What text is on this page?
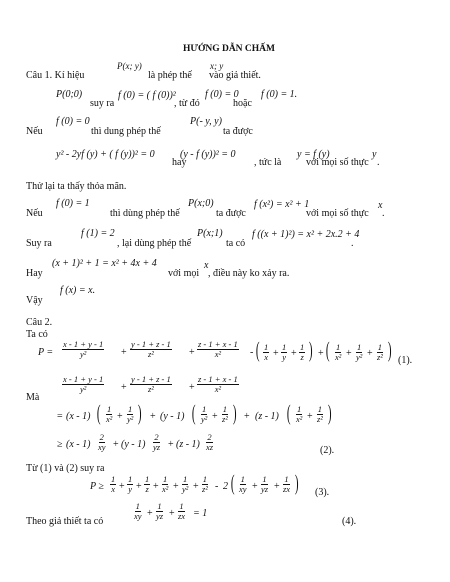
HƯỚNG DẪN CHẤM
Câu 1. Kí hiệu
P(x; y)
là phép thế
x; y
vào giả thiết.
P(0;0)
suy ra
f (0) = ( f (0))²
, từ đó
f (0) = 0
hoặc
f (0) = 1.
Nếu
f (0) = 0
thì dung phép thế
P(- y, y)
ta được
y² - 2yf (y) + ( f (y))² = 0
hay
(y - f (y))² = 0
, tức là
y = f (y)
với mọi số thực
y
.
Thử lại ta thấy thỏa mãn.
Nếu
f (0) = 1
thì dùng phép thế
P(x;0)
ta được
f (x²) = x² + 1
với mọi số thực
x
.
Suy ra
f (1) = 2
, lại dùng phép thế
P(x;1)
ta có
f ((x + 1)²) = x² + 2x.2 + 4
.
Hay
(x + 1)² + 1 = x² + 4x + 4
với mọi
x
, điều này ko xảy ra.
f (x) = x.
Vậy
Câu 2.
Ta có
$P = \frac{x - 1 + y - 1}{\text{y²}} + \frac{y - 1 + z - 1}{\text{z²}} + \frac{z - 1 + x - 1}{\text{x²}}$ - ( $\frac{1}{x} + \frac{1}{y} + \frac{1}{z}$ ) + ( $\frac{1}{\text{x²}} + \frac{1}{\text{y²}} + \frac{1}{\text{z²}}$ ) (1).
$\frac{x - 1 + y - 1}{\text{y²}} + \frac{y - 1 + z - 1}{\text{z²}} + \frac{z - 1 + x - 1}{\text{x²}}$
Mà
= (x - 1) ( $\frac{1}{\text{x²}} + \frac{1}{\text{y²}}$ ) + (y - 1) ( $\frac{1}{\text{y²}} + \frac{1}{\text{z²}}$ ) + (z - 1) ( $\frac{1}{\text{x²}} + \frac{1}{\text{z²}}$ )
≥ $(x - 1) \frac{2}{xy} + (y - 1) \frac{2}{yz} + (z - 1) \frac{2}{xz}$	(2).
Từ (1) và (2) suy ra
$P \ge \frac{1}{x} + \frac{1}{y} + \frac{1}{z} + \frac{1}{\text{x²}} + \frac{1}{\text{y²}} + \frac{1}{\text{z²}} - 2$ ( $\frac{1}{xy} + \frac{1}{yz} + \frac{1}{zx}$ ) (3).
Theo giả thiết ta có
$\frac{1}{xy} + \frac{1}{yz} + \frac{1}{zx} = 1$
(4).
